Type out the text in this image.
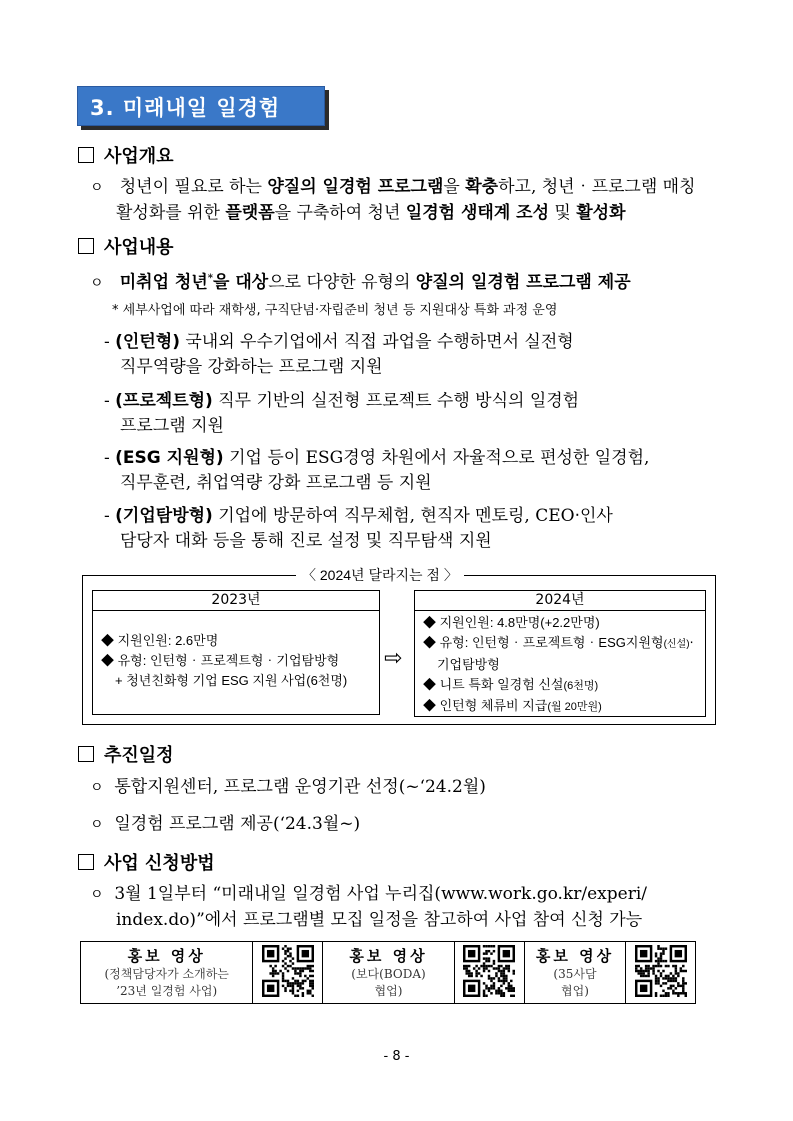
3. 미래내일 일경험
사업개요
ㅇ 청년이 필요로 하는 양질의 일경험 프로그램을 확충하고, 청년‧프로그램 매칭
활성화를 위한 플랫폼을 구축하여 청년 일경험 생태계 조성 및 활성화
사업내용
ㅇ 미취업 청년*을 대상으로 다양한 유형의 양질의 일경험 프로그램 제공
* 세부사업에 따라 재학생, 구직단념‧자립준비 청년 등 지원대상 특화 과정 운영
- (인턴형) 국내외 우수기업에서 직접 과업을 수행하면서 실전형
직무역량을 강화하는 프로그램 지원
- (프로젝트형) 직무 기반의 실전형 프로젝트 수행 방식의 일경험
프로그램 지원
- (ESG 지원형) 기업 등이 ESG경영 차원에서 자율적으로 편성한 일경험,
직무훈련, 취업역량 강화 프로그램 등 지원
- (기업탐방형) 기업에 방문하여 직무체험, 현직자 멘토링, CEO‧인사
담당자 대화 등을 통해 진로 설정 및 직무탐색 지원
〈 2024년 달라지는 점 〉
2023년
◆ 지원인원: 2.6만명
◆ 유형: 인턴형‧프로젝트형‧기업탐방형
+ 청년친화형 기업 ESG 지원 사업(6천명)
⇨
2024년
◆ 지원인원: 4.8만명(+2.2만명)
◆ 유형: 인턴형‧프로젝트형‧ESG지원형(신설)‧
기업탐방형
◆ 니트 특화 일경험 신설(6천명)
◆ 인턴형 체류비 지급(월 20만원)
추진일정
ㅇ 통합지원센터, 프로그램 운영기관 선정(~‘24.2월)
ㅇ 일경험 프로그램 제공(‘24.3월~)
사업 신청방법
ㅇ 3월 1일부터 “미래내일 일경험 사업 누리집(www.work.go.kr/experi/
index.do)”에서 프로그램별 모집 일정을 참고하여 사업 참여 신청 가능
홍보 영상
(정책담당자가 소개하는
’23년 일경험 사업)

홍보 영상
(보다(BODA)
협업)

홍보 영상
(35사담
협업)

- 8 -
